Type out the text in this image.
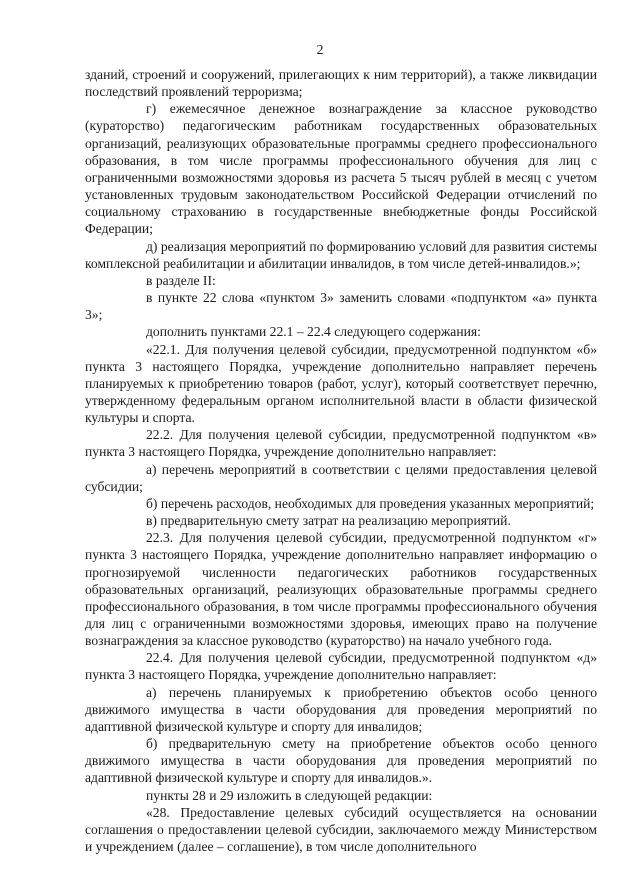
2

зданий, строений и сооружений, прилегающих к ним территорий), а также ликвидации последствий проявлений терроризма;

г) ежемесячное денежное вознаграждение за классное руководство (кураторство) педагогическим работникам государственных образовательных организаций, реализующих образовательные программы среднего профессионального образования, в том числе программы профессионального обучения для лиц с ограниченными возможностями здоровья из расчета 5 тысяч рублей в месяц с учетом установленных трудовым законодательством Российской Федерации отчислений по социальному страхованию в государственные внебюджетные фонды Российской Федерации;

д) реализация мероприятий по формированию условий для развития системы комплексной реабилитации и абилитации инвалидов, в том числе детей-инвалидов.»;

в разделе II:

в пункте 22 слова «пунктом 3» заменить словами «подпунктом «а» пункта 3»;

дополнить пунктами 22.1 – 22.4 следующего содержания:

«22.1. Для получения целевой субсидии, предусмотренной подпунктом «б» пункта 3 настоящего Порядка, учреждение дополнительно направляет перечень планируемых к приобретению товаров (работ, услуг), который соответствует перечню, утвержденному федеральным органом исполнительной власти в области физической культуры и спорта.

22.2. Для получения целевой субсидии, предусмотренной подпунктом «в» пункта 3 настоящего Порядка, учреждение дополнительно направляет:

а) перечень мероприятий в соответствии с целями предоставления целевой субсидии;

б) перечень расходов, необходимых для проведения указанных мероприятий;

в) предварительную смету затрат на реализацию мероприятий.

22.3. Для получения целевой субсидии, предусмотренной подпунктом «г» пункта 3 настоящего Порядка, учреждение дополнительно направляет информацию о прогнозируемой численности педагогических работников государственных образовательных организаций, реализующих образовательные программы среднего профессионального образования, в том числе программы профессионального обучения для лиц с ограниченными возможностями здоровья, имеющих право на получение вознаграждения за классное руководство (кураторство) на начало учебного года.

22.4. Для получения целевой субсидии, предусмотренной подпунктом «д» пункта 3 настоящего Порядка, учреждение дополнительно направляет:

а) перечень планируемых к приобретению объектов особо ценного движимого имущества в части оборудования для проведения мероприятий по адаптивной физической культуре и спорту для инвалидов;

б) предварительную смету на приобретение объектов особо ценного движимого имущества в части оборудования для проведения мероприятий по адаптивной физической культуре и спорту для инвалидов.».

пункты 28 и 29 изложить в следующей редакции:

«28. Предоставление целевых субсидий осуществляется на основании соглашения о предоставлении целевой субсидии, заключаемого между Министерством и учреждением (далее – соглашение), в том числе дополнительного
